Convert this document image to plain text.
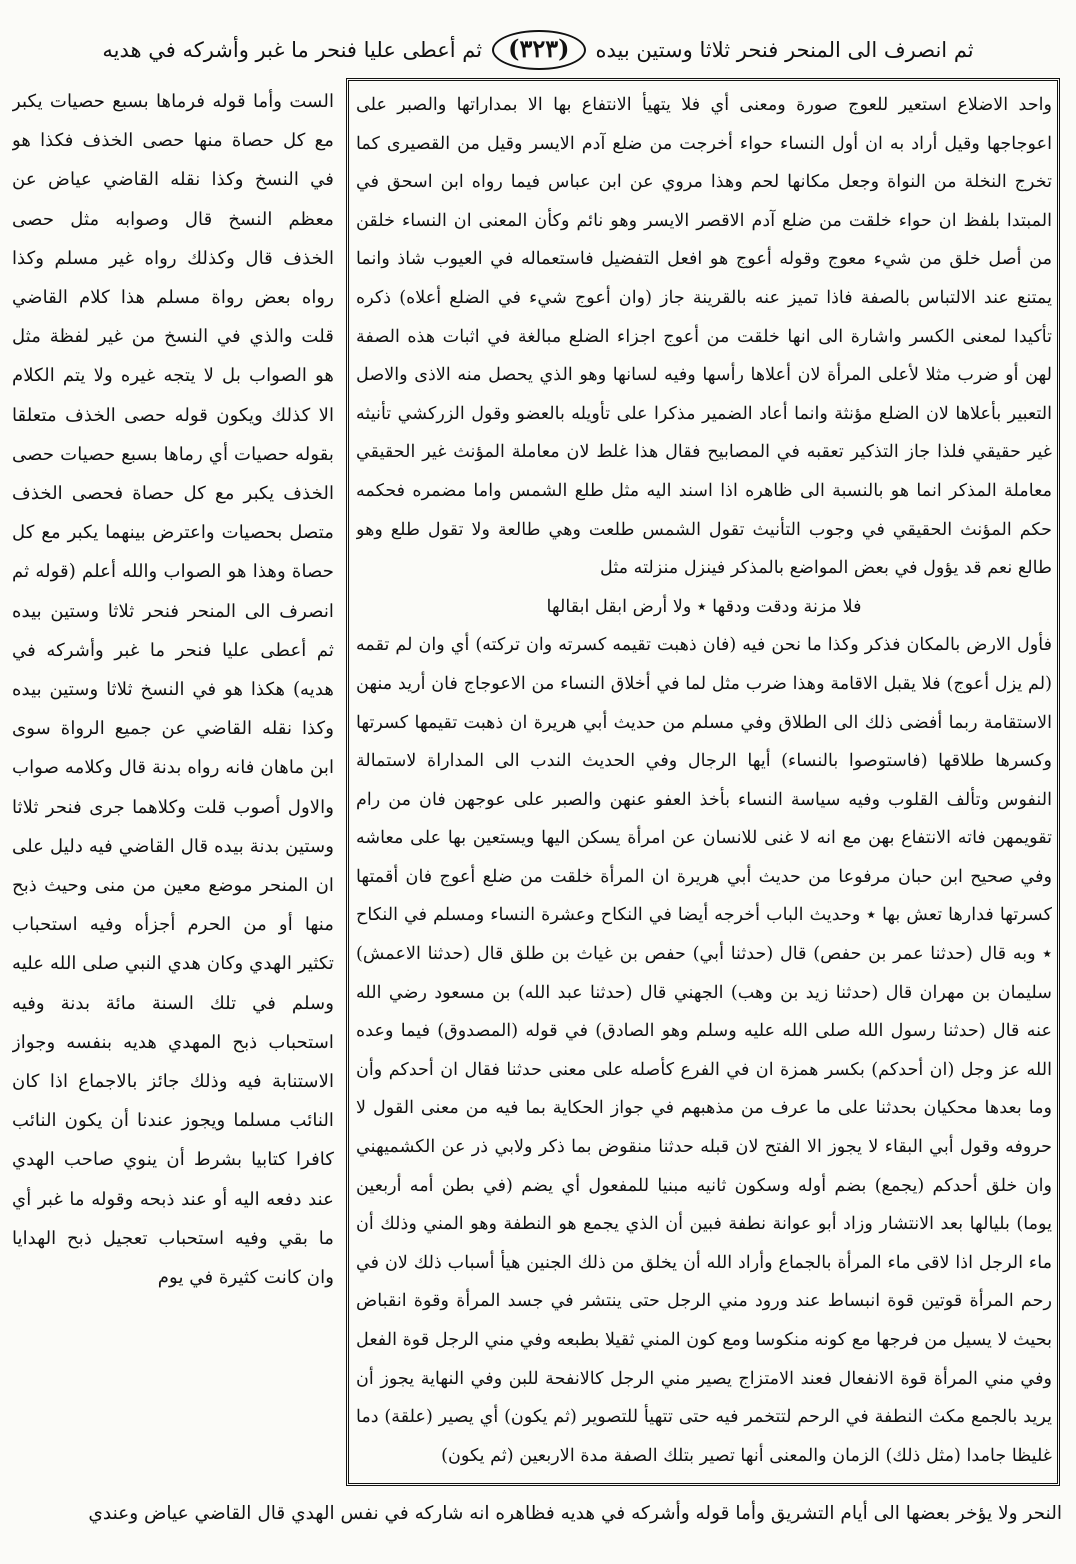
ثم انصرف الى المنحر فنحر ثلاثا وستين بيده
(٣٢٣)
ثم أعطى عليا فنحر ما غبر وأشركه في هديه

واحد الاضلاع استعير للعوج صورة ومعنى أي فلا يتهيأ الانتفاع بها الا بمداراتها والصبر على اعوجاجها وقيل أراد به ان أول النساء حواء أخرجت من ضلع آدم الايسر وقيل من القصيرى كما تخرج النخلة من النواة وجعل مكانها لحم وهذا مروي عن ابن عباس فيما رواه ابن اسحق في المبتدا بلفظ ان حواء خلقت من ضلع آدم الاقصر الايسر وهو نائم وكأن المعنى ان النساء خلقن من أصل خلق من شيء معوج وقوله أعوج هو افعل التفضيل فاستعماله في العيوب شاذ وانما يمتنع عند الالتباس بالصفة فاذا تميز عنه بالقرينة جاز (وان أعوج شيء في الضلع أعلاه) ذكره تأكيدا لمعنى الكسر واشارة الى انها خلقت من أعوج اجزاء الضلع مبالغة في اثبات هذه الصفة لهن أو ضرب مثلا لأعلى المرأة لان أعلاها رأسها وفيه لسانها وهو الذي يحصل منه الاذى والاصل التعبير بأعلاها لان الضلع مؤنثة وانما أعاد الضمير مذكرا على تأويله بالعضو وقول الزركشي تأنيثه غير حقيقي فلذا جاز التذكير تعقبه في المصابيح فقال هذا غلط لان معاملة المؤنث غير الحقيقي معاملة المذكر انما هو بالنسبة الى ظاهره اذا اسند اليه مثل طلع الشمس واما مضمره فحكمه حكم المؤنث الحقيقي في وجوب التأنيث تقول الشمس طلعت وهي طالعة ولا تقول طلع وهو طالع نعم قد يؤول في بعض المواضع بالمذكر فينزل منزلته مثل

فلا مزنة ودقت ودقها ٭ ولا أرض ابقل ابقالها

فأول الارض بالمكان فذكر وكذا ما نحن فيه (فان ذهبت تقيمه كسرته وان تركته) أي وان لم تقمه (لم يزل أعوج) فلا يقبل الاقامة وهذا ضرب مثل لما في أخلاق النساء من الاعوجاج فان أريد منهن الاستقامة ربما أفضى ذلك الى الطلاق وفي مسلم من حديث أبي هريرة ان ذهبت تقيمها كسرتها وكسرها طلاقها (فاستوصوا بالنساء) أيها الرجال وفي الحديث الندب الى المداراة لاستمالة النفوس وتألف القلوب وفيه سياسة النساء بأخذ العفو عنهن والصبر على عوجهن فان من رام تقويمهن فاته الانتفاع بهن مع انه لا غنى للانسان عن امرأة يسكن اليها ويستعين بها على معاشه وفي صحيح ابن حبان مرفوعا من حديث أبي هريرة ان المرأة خلقت من ضلع أعوج فان أقمتها كسرتها فدارها تعش بها ٭ وحديث الباب أخرجه أيضا في النكاح وعشرة النساء ومسلم في النكاح ٭ وبه قال (حدثنا عمر بن حفص) قال (حدثنا أبي) حفص بن غياث بن طلق قال (حدثنا الاعمش) سليمان بن مهران قال (حدثنا زيد بن وهب) الجهني قال (حدثنا عبد الله) بن مسعود رضي الله عنه قال (حدثنا رسول الله صلى الله عليه وسلم وهو الصادق) في قوله (المصدوق) فيما وعده الله عز وجل (ان أحدكم) بكسر همزة ان في الفرع كأصله على معنى حدثنا فقال ان أحدكم وأن وما بعدها محكيان بحدثنا على ما عرف من مذهبهم في جواز الحكاية بما فيه من معنى القول لا حروفه وقول أبي البقاء لا يجوز الا الفتح لان قبله حدثنا منقوض بما ذكر ولابي ذر عن الكشميهني وان خلق أحدكم (يجمع) بضم أوله وسكون ثانيه مبنيا للمفعول أي يضم (في بطن أمه أربعين يوما) بليالها بعد الانتشار وزاد أبو عوانة نطفة فبين أن الذي يجمع هو النطفة وهو المني وذلك أن ماء الرجل اذا لاقى ماء المرأة بالجماع وأراد الله أن يخلق من ذلك الجنين هيأ أسباب ذلك لان في رحم المرأة قوتين قوة انبساط عند ورود مني الرجل حتى ينتشر في جسد المرأة وقوة انقباض بحيث لا يسيل من فرجها مع كونه منكوسا ومع كون المني ثقيلا بطبعه وفي مني الرجل قوة الفعل وفي مني المرأة قوة الانفعال فعند الامتزاج يصير مني الرجل كالانفحة للبن وفي النهاية يجوز أن يريد بالجمع مكث النطفة في الرحم لتتخمر فيه حتى تتهيأ للتصوير (ثم يكون) أي يصير (علقة) دما غليظا جامدا (مثل ذلك) الزمان والمعنى أنها تصير بتلك الصفة مدة الاربعين (ثم يكون)

الست وأما قوله فرماها بسبع حصيات يكبر مع كل حصاة منها حصى الخذف فكذا هو في النسخ وكذا نقله القاضي عياض عن معظم النسخ قال وصوابه مثل حصى الخذف قال وكذلك رواه غير مسلم وكذا رواه بعض رواة مسلم هذا كلام القاضي قلت والذي في النسخ من غير لفظة مثل هو الصواب بل لا يتجه غيره ولا يتم الكلام الا كذلك ويكون قوله حصى الخذف متعلقا بقوله حصيات أي رماها بسبع حصيات حصى الخذف يكبر مع كل حصاة فحصى الخذف متصل بحصيات واعترض بينهما يكبر مع كل حصاة وهذا هو الصواب والله أعلم (قوله ثم انصرف الى المنحر فنحر ثلاثا وستين بيده ثم أعطى عليا فنحر ما غبر وأشركه في هديه) هكذا هو في النسخ ثلاثا وستين بيده وكذا نقله القاضي عن جميع الرواة سوى ابن ماهان فانه رواه بدنة قال وكلامه صواب والاول أصوب قلت وكلاهما جرى فنحر ثلاثا وستين بدنة بيده قال القاضي فيه دليل على ان المنحر موضع معين من منى وحيث ذبح منها أو من الحرم أجزأه وفيه استحباب تكثير الهدي وكان هدي النبي صلى الله عليه وسلم في تلك السنة مائة بدنة وفيه استحباب ذبح المهدي هديه بنفسه وجواز الاستنابة فيه وذلك جائز بالاجماع اذا كان النائب مسلما ويجوز عندنا أن يكون النائب كافرا كتابيا بشرط أن ينوي صاحب الهدي عند دفعه اليه أو عند ذبحه وقوله ما غبر أي ما بقي وفيه استحباب تعجيل ذبح الهدايا وان كانت كثيرة في يوم

النحر ولا يؤخر بعضها الى أيام التشريق وأما قوله وأشركه في هديه فظاهره انه شاركه في نفس الهدي قال القاضي عياض وعندي
